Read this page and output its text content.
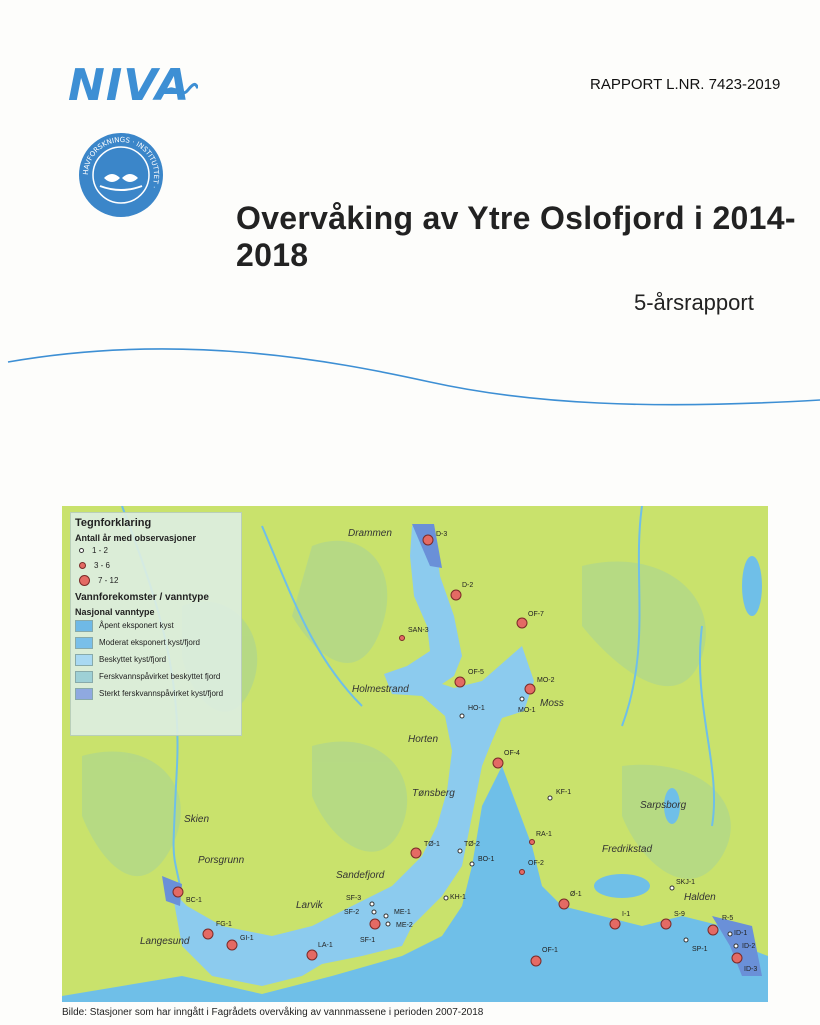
NIVA
HAVFORSKNINGS · INSTITUTTET ·
RAPPORT L.NR. 7423-2019
Overvåking av Ytre Oslofjord i 2014-2018
5-årsrapport
Drammen
Holmestrand
Moss
Horten
Tønsberg
Skien
Porsgrunn
Sandefjord
Larvik
Langesund
Sarpsborg
Fredrikstad
Halden
D-3
D-2
OF-7
OF-5
MO-2
OF-4
TØ-1
BC-1
FG-1
GI-1
LA-1
SF-1
OF-1
Ø-1
I-1	S-9
R-5
ID-3
SAN-3
HO-1	MO-1
KF-1
RA-1
OF-2
TØ-2
BO-1
KH-1
SF-3
SF-2	ME-1
ME-2
SKJ-1
SP-1
ID-1
ID-2
Tegnforklaring
Antall år med observasjoner
1 - 2
3 - 6
7 - 12
Vannforekomster / vanntype
Nasjonal vanntype
Åpent eksponert kyst
Moderat eksponert kyst/fjord
Beskyttet kyst/fjord
Ferskvannspåvirket beskyttet fjord
Sterkt ferskvannspåvirket kyst/fjord
Bilde: Stasjoner som har inngått i Fagrådets overvåking av vannmassene i perioden 2007-2018
